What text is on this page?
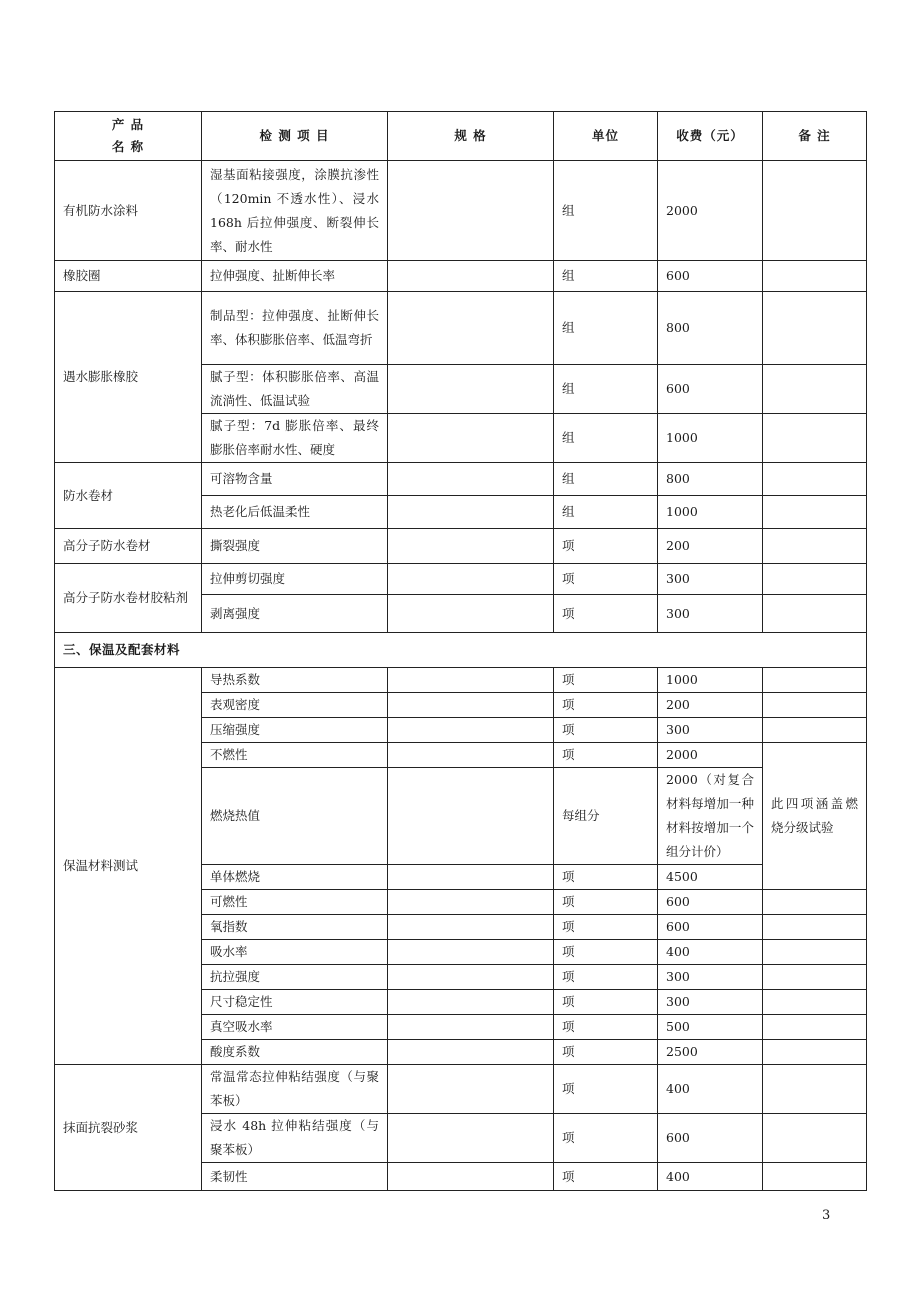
产 品
名 称	检 测 项 目	规 格	单位	收费（元）	备 注
有机防水涂料	湿基面粘接强度，涂膜抗渗性（120min 不透水性）、浸水 168h 后拉伸强度、断裂伸长率、耐水性		组	2000	
橡胶圈	拉伸强度、扯断伸长率		组	600	
遇水膨胀橡胶	制品型：拉伸强度、扯断伸长率、体积膨胀倍率、低温弯折		组	800	
	腻子型：体积膨胀倍率、高温流淌性、低温试验		组	600	
	腻子型：7d 膨胀倍率、最终膨胀倍率耐水性、硬度		组	1000	
防水卷材	可溶物含量		组	800	
	热老化后低温柔性		组	1000	
高分子防水卷材	撕裂强度		项	200	
高分子防水卷材胶粘剂	拉伸剪切强度		项	300	
	剥离强度		项	300	
三、保温及配套材料					
保温材料测试	导热系数		项	1000	
	表观密度		项	200	
	压缩强度		项	300	
	不燃性		项	2000	此四项涵盖燃烧分级试验
	燃烧热值		每组分	2000（对复合材料每增加一种材料按增加一个组分计价）	
	单体燃烧		项	4500	
	可燃性		项	600	
	氧指数		项	600	
	吸水率		项	400	
	抗拉强度		项	300	
	尺寸稳定性		项	300	
	真空吸水率		项	500	
	酸度系数		项	2500	
抹面抗裂砂浆	常温常态拉伸粘结强度（与聚苯板）		项	400	
	浸水 48h 拉伸粘结强度（与聚苯板）		项	600	
	柔韧性		项	400	
3
